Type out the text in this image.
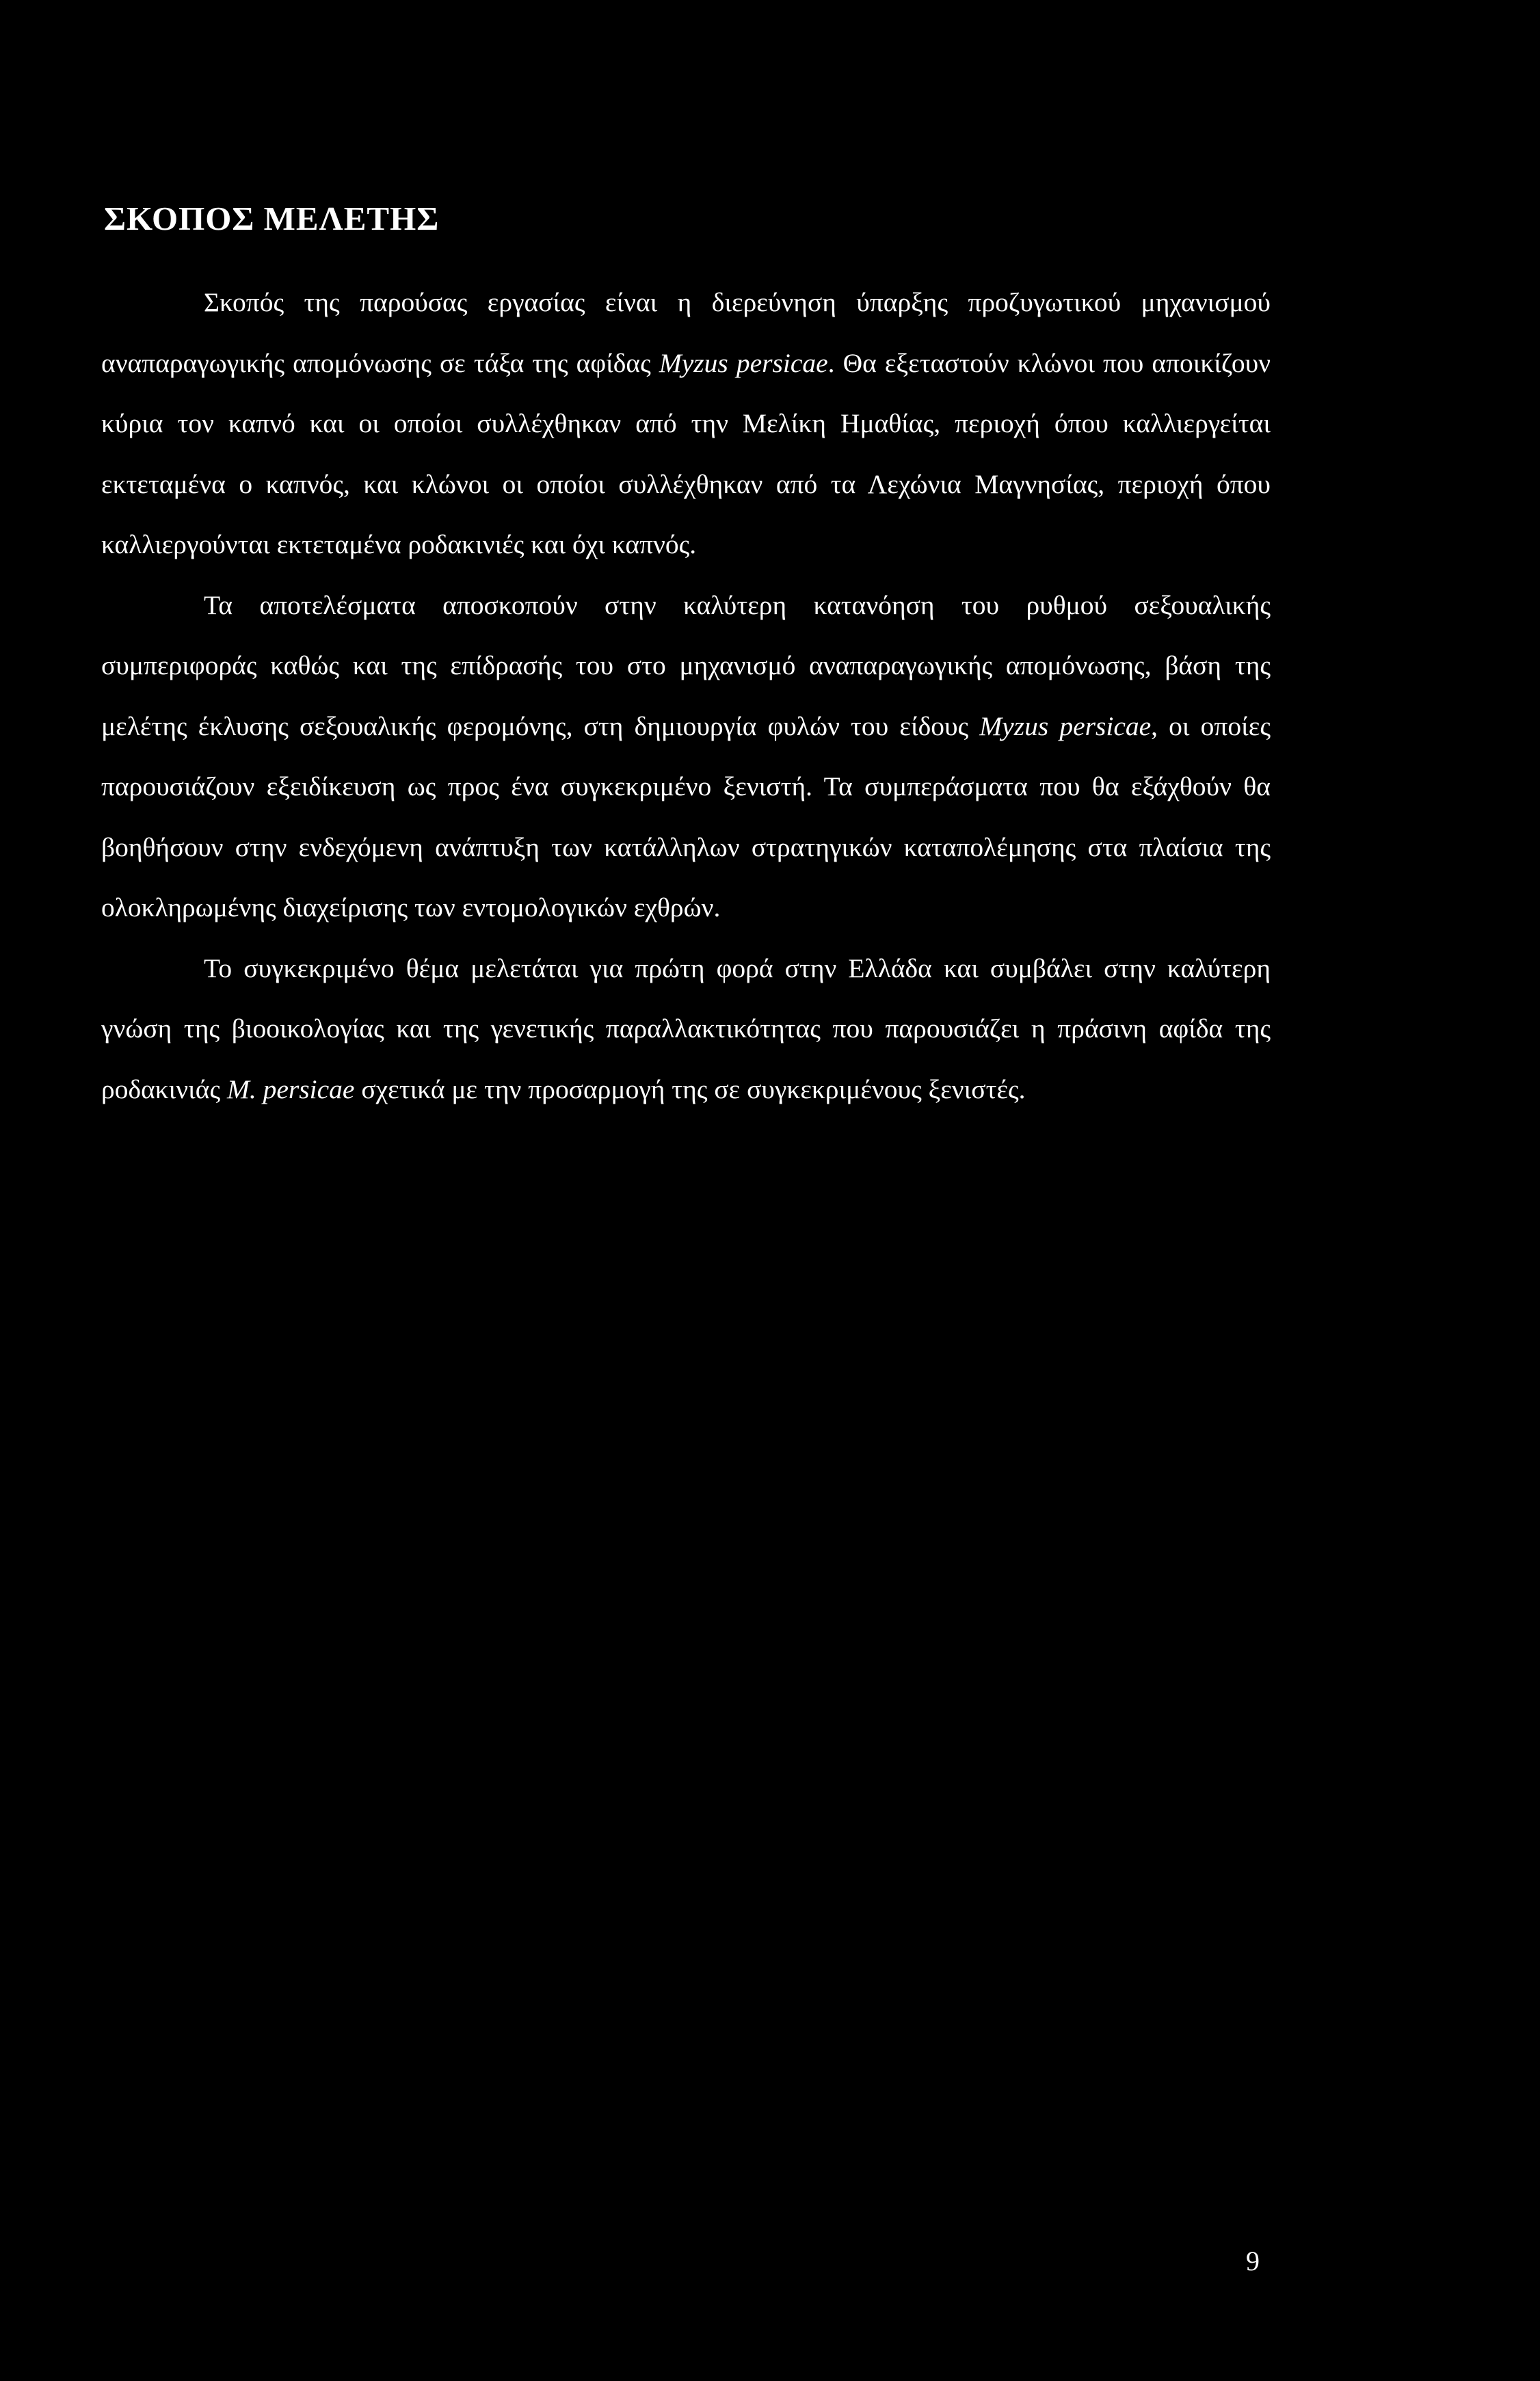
ΣΚΟΠΟΣ ΜΕΛΕΤΗΣ

Σκοπός της παρούσας εργασίας είναι η διερεύνηση ύπαρξης προζυγωτικού μηχανισμού αναπαραγωγικής απομόνωσης σε τάξα της αφίδας Myzus persicae. Θα εξεταστούν κλώνοι που αποικίζουν κύρια τον καπνό και οι οποίοι συλλέχθηκαν από την Μελίκη Ημαθίας, περιοχή όπου καλλιεργείται εκτεταμένα ο καπνός, και κλώνοι οι οποίοι συλλέχθηκαν από τα Λεχώνια Μαγνησίας, περιοχή όπου καλλιεργούνται εκτεταμένα ροδακινιές και όχι καπνός.

Τα αποτελέσματα αποσκοπούν στην καλύτερη κατανόηση του ρυθμού σεξουαλικής συμπεριφοράς καθώς και της επίδρασής του στο μηχανισμό αναπαραγωγικής απομόνωσης, βάση της μελέτης έκλυσης σεξουαλικής φερομόνης, στη δημιουργία φυλών του είδους Myzus persicae, οι οποίες παρουσιάζουν εξειδίκευση ως προς ένα συγκεκριμένο ξενιστή. Τα συμπεράσματα που θα εξάχθούν θα βοηθήσουν στην ενδεχόμενη ανάπτυξη των κατάλληλων στρατηγικών καταπολέμησης στα πλαίσια της ολοκληρωμένης διαχείρισης των εντομολογικών εχθρών.

Το συγκεκριμένο θέμα μελετάται για πρώτη φορά στην Ελλάδα και συμβάλει στην καλύτερη γνώση της βιοοικολογίας και της γενετικής παραλλακτικότητας που παρουσιάζει η πράσινη αφίδα της ροδακινιάς M. persicae σχετικά με την προσαρμογή της σε συγκεκριμένους ξενιστές.

9
